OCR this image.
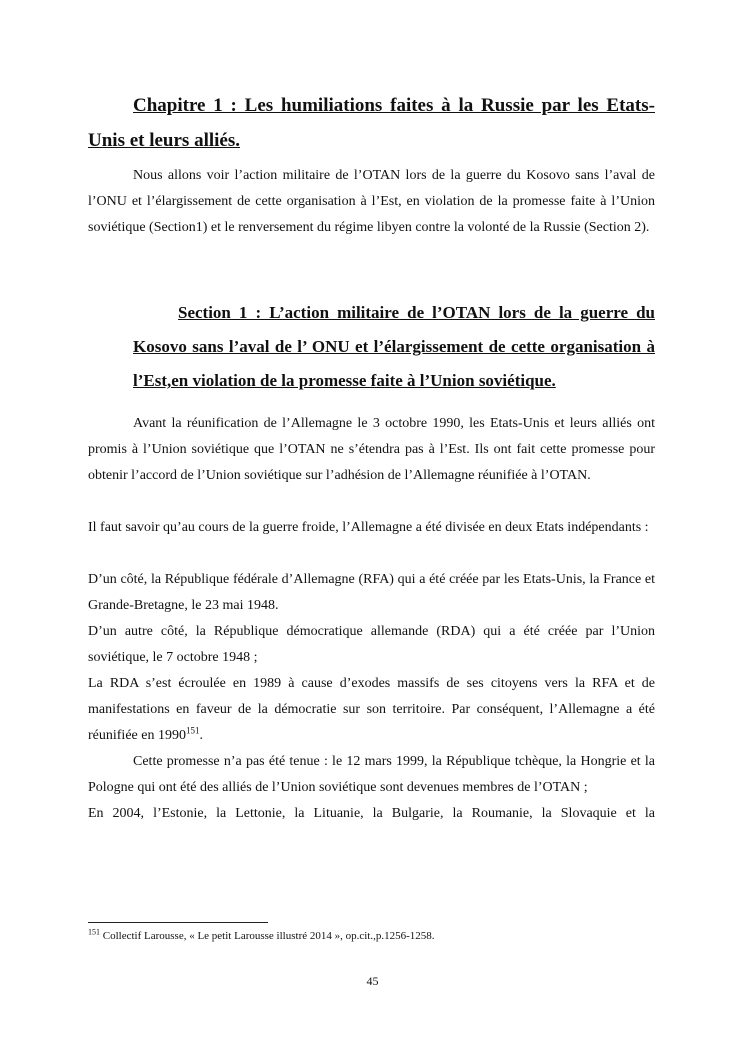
Chapitre 1 : Les humiliations faites à la Russie par les Etats-Unis et leurs alliés.

Nous allons voir l’action militaire de l’OTAN lors de la guerre du Kosovo sans l’aval de l’ONU et l’élargissement de cette organisation à l’Est, en violation de la promesse faite à l’Union soviétique (Section1) et le renversement du régime libyen contre la volonté de la Russie (Section 2).

Section 1 : L’action militaire de l’OTAN lors de la guerre du Kosovo sans l’aval de l’ ONU et l’élargissement de cette organisation à l’Est,en violation de la promesse faite à l’Union soviétique.

Avant la réunification de l’Allemagne le 3 octobre 1990, les Etats-Unis et leurs alliés ont promis à l’Union soviétique que l’OTAN ne s’étendra pas à l’Est. Ils ont fait cette promesse pour obtenir l’accord de l’Union soviétique sur l’adhésion de l’Allemagne réunifiée à l’OTAN.

Il faut savoir qu’au cours de la guerre froide, l’Allemagne a été divisée en deux Etats indépendants :

D’un côté, la République fédérale d’Allemagne (RFA) qui a été créée par les Etats-Unis, la France et Grande-Bretagne, le 23 mai 1948.

D’un autre côté, la République démocratique allemande (RDA) qui a été créée par l’Union soviétique, le 7 octobre 1948 ;

La RDA s’est écroulée en 1989 à cause d’exodes massifs de ses citoyens vers la RFA et de manifestations en faveur de la démocratie sur son territoire. Par conséquent, l’Allemagne a été réunifiée en 1990$^{151}$.

Cette promesse n’a pas été tenue : le 12 mars 1999, la République tchèque, la Hongrie et la Pologne qui ont été des alliés de l’Union soviétique sont devenues membres de l’OTAN ;

En 2004, l’Estonie, la Lettonie, la Lituanie, la Bulgarie, la Roumanie, la Slovaquie et la

$^{151}$ Collectif Larousse, « Le petit Larousse illustré 2014 », op.cit.,p.1256-1258.

45
